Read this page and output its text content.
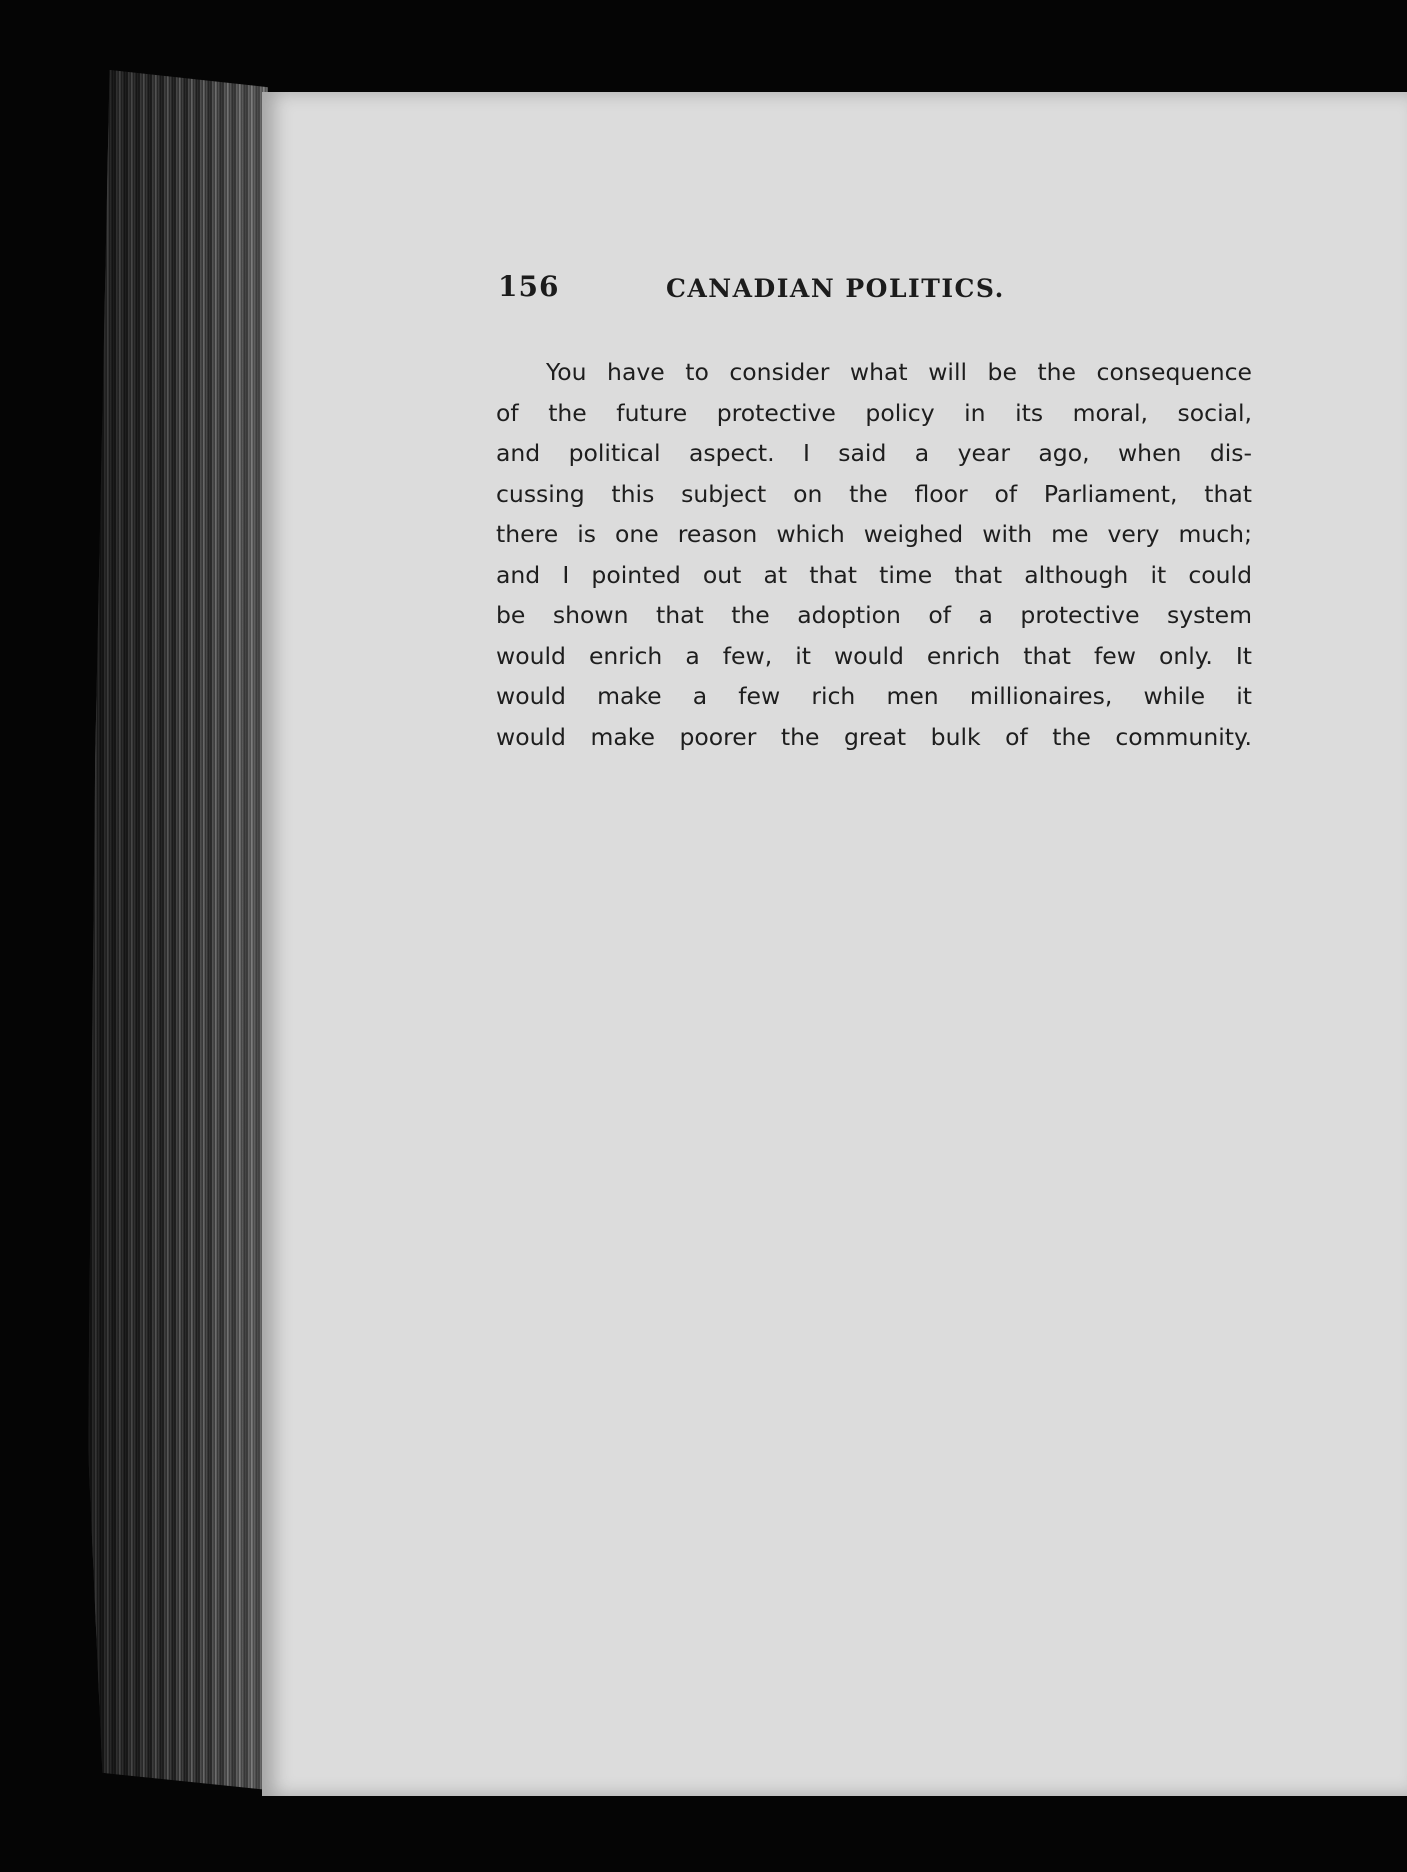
156	CANADIAN POLITICS.

You have to consider what will be the consequence
of the future protective policy in its moral, social,
and political aspect. I said a year ago, when dis-
cussing this subject on the floor of Parliament, that
there is one reason which weighed with me very much;
and I pointed out at that time that although it could
be shown that the adoption of a protective system
would enrich a few, it would enrich that few only. It
would make a few rich men millionaires, while it
would make poorer the great bulk of the community.
